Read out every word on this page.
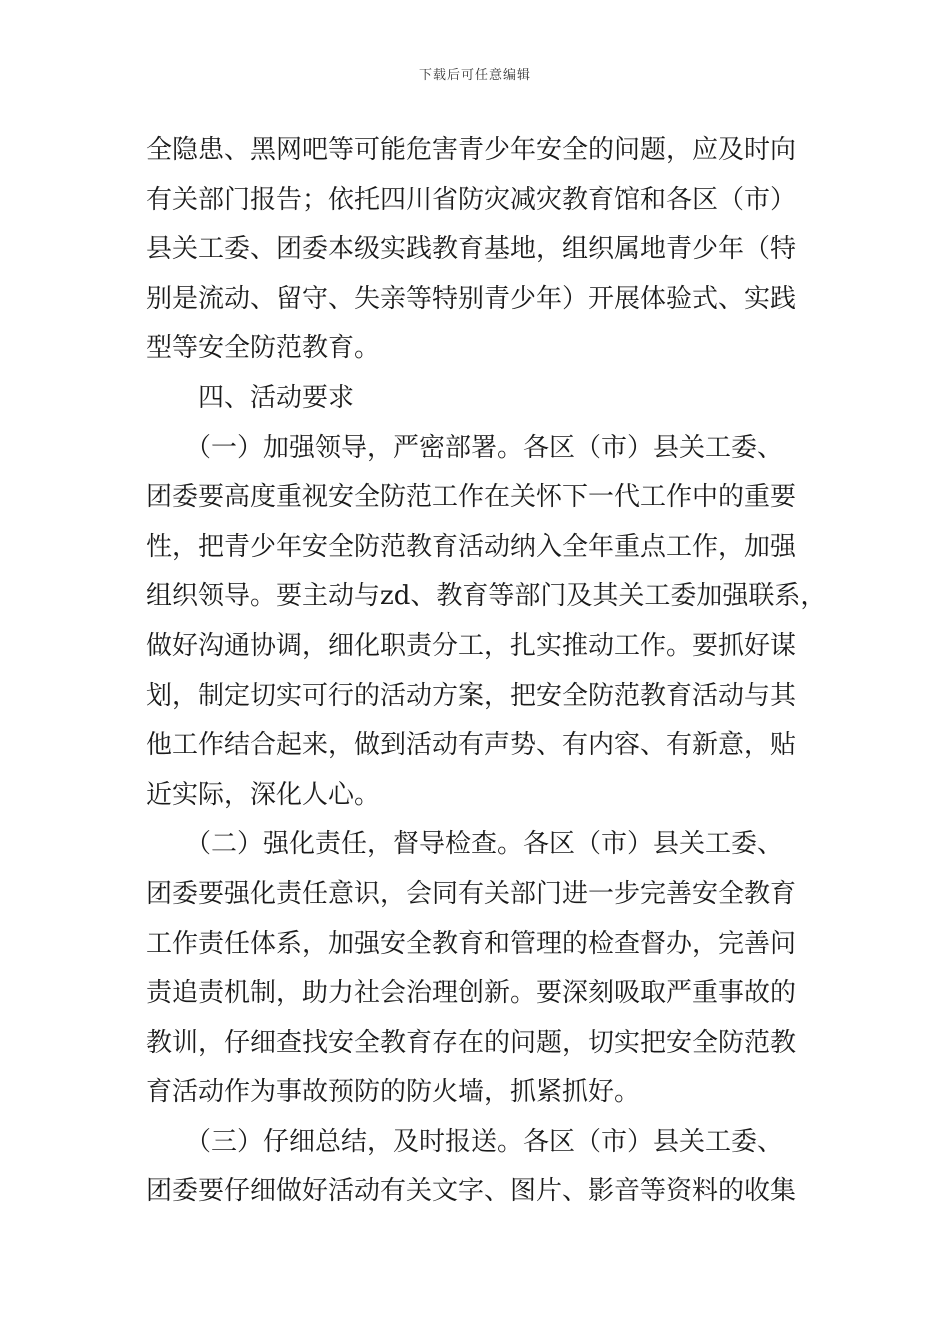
下载后可任意编辑
全隐患、黑网吧等可能危害青少年安全的问题，应及时向
有关部门报告；依托四川省防灾减灾教育馆和各区（市）
县关工委、团委本级实践教育基地，组织属地青少年（特
别是流动、留守、失亲等特别青少年）开展体验式、实践
型等安全防范教育。
　　四、活动要求
　　（一）加强领导，严密部署。各区（市）县关工委、
团委要高度重视安全防范工作在关怀下一代工作中的重要
性，把青少年安全防范教育活动纳入全年重点工作，加强
组织领导。要主动与zd、教育等部门及其关工委加强联系，
做好沟通协调，细化职责分工，扎实推动工作。要抓好谋
划，制定切实可行的活动方案，把安全防范教育活动与其
他工作结合起来，做到活动有声势、有内容、有新意，贴
近实际，深化人心。
　　（二）强化责任，督导检查。各区（市）县关工委、
团委要强化责任意识，会同有关部门进一步完善安全教育
工作责任体系，加强安全教育和管理的检查督办，完善问
责追责机制，助力社会治理创新。要深刻吸取严重事故的
教训，仔细查找安全教育存在的问题，切实把安全防范教
育活动作为事故预防的防火墙，抓紧抓好。
　　（三）仔细总结，及时报送。各区（市）县关工委、
团委要仔细做好活动有关文字、图片、影音等资料的收集
